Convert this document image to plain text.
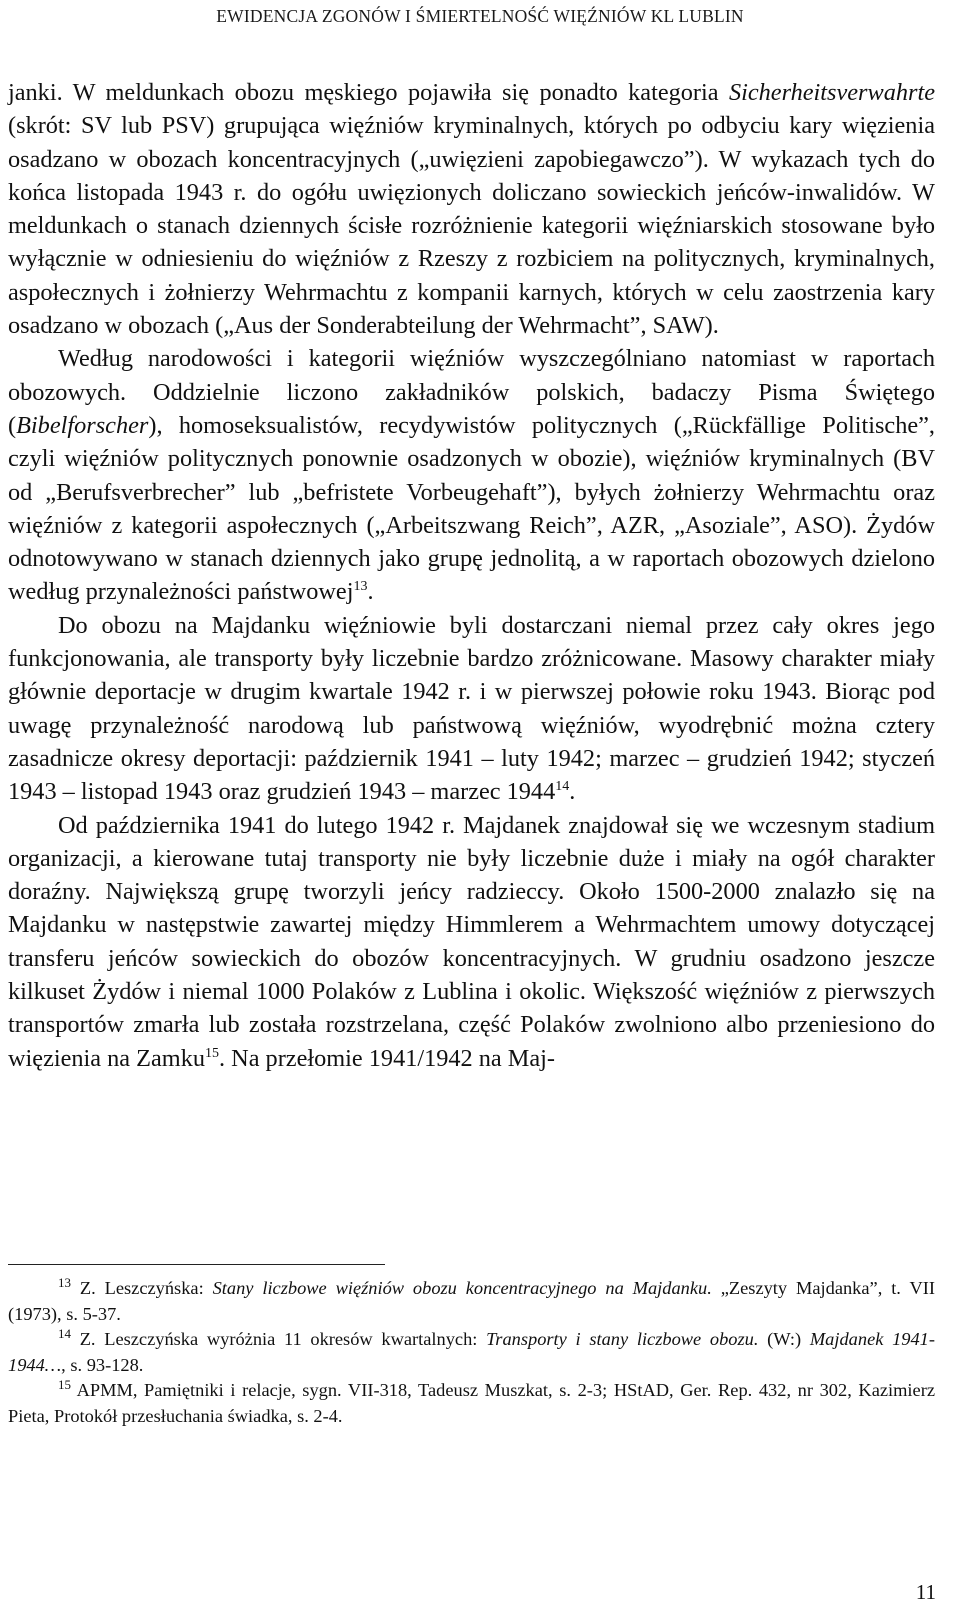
EWIDENCJA ZGONÓW I ŚMIERTELNOŚĆ WIĘŹNIÓW KL LUBLIN

janki. W meldunkach obozu męskiego pojawiła się ponadto kategoria Sicherheitsverwahrte (skrót: SV lub PSV) grupująca więźniów kryminalnych, których po odbyciu kary więzienia osadzano w obozach koncentracyjnych („uwięzieni zapobiegawczo”). W wykazach tych do końca listopada 1943 r. do ogółu uwięzionych doliczano sowieckich jeńców-inwalidów. W meldunkach o stanach dziennych ścisłe rozróżnienie kategorii więźniarskich stosowane było wyłącznie w odniesieniu do więźniów z Rzeszy z rozbiciem na politycznych, kryminalnych, aspołecznych i żołnierzy Wehrmachtu z kompanii karnych, których w celu zaostrzenia kary osadzano w obozach („Aus der Sonderabteilung der Wehrmacht”, SAW).

Według narodowości i kategorii więźniów wyszczególniano natomiast w raportach obozowych. Oddzielnie liczono zakładników polskich, badaczy Pisma Świętego (Bibelforscher), homoseksualistów, recydywistów politycznych („Rückfällige Politische”, czyli więźniów politycznych ponownie osadzonych w obozie), więźniów kryminalnych (BV od „Berufsverbrecher” lub „befristete Vorbeugehaft”), byłych żołnierzy Wehrmachtu oraz więźniów z kategorii aspołecznych („Arbeitszwang Reich”, AZR, „Asoziale”, ASO). Żydów odnotowywano w stanach dziennych jako grupę jednolitą, a w raportach obozowych dzielono według przynależności państwowej$^{13}$.

Do obozu na Majdanku więźniowie byli dostarczani niemal przez cały okres jego funkcjonowania, ale transporty były liczebnie bardzo zróżnicowane. Masowy charakter miały głównie deportacje w drugim kwartale 1942 r. i w pierwszej połowie roku 1943. Biorąc pod uwagę przynależność narodową lub państwową więźniów, wyodrębnić można cztery zasadnicze okresy deportacji: październik 1941 – luty 1942; marzec – grudzień 1942; styczeń 1943 – listopad 1943 oraz grudzień 1943 – marzec 1944$^{14}$.

Od października 1941 do lutego 1942 r. Majdanek znajdował się we wczesnym stadium organizacji, a kierowane tutaj transporty nie były liczebnie duże i miały na ogół charakter doraźny. Największą grupę tworzyli jeńcy radzieccy. Około 1500-2000 znalazło się na Majdanku w następstwie zawartej między Himmlerem a Wehrmachtem umowy dotyczącej transferu jeńców sowieckich do obozów koncentracyjnych. W grudniu osadzono jeszcze kilkuset Żydów i niemal 1000 Polaków z Lublina i okolic. Większość więźniów z pierwszych transportów zmarła lub została rozstrzelana, część Polaków zwolniono albo przeniesiono do więzienia na Zamku$^{15}$. Na przełomie 1941/1942 na Maj-

$^{13}$ Z. Leszczyńska: Stany liczbowe więźniów obozu koncentracyjnego na Majdanku. „Zeszyty Majdanka”, t. VII (1973), s. 5-37.

$^{14}$ Z. Leszczyńska wyróżnia 11 okresów kwartalnych: Transporty i stany liczbowe obozu. (W:) Majdanek 1941-1944…, s. 93-128.

$^{15}$ APMM, Pamiętniki i relacje, sygn. VII-318, Tadeusz Muszkat, s. 2-3; HStAD, Ger. Rep. 432, nr 302, Kazimierz Pieta, Protokół przesłuchania świadka, s. 2-4.

11
